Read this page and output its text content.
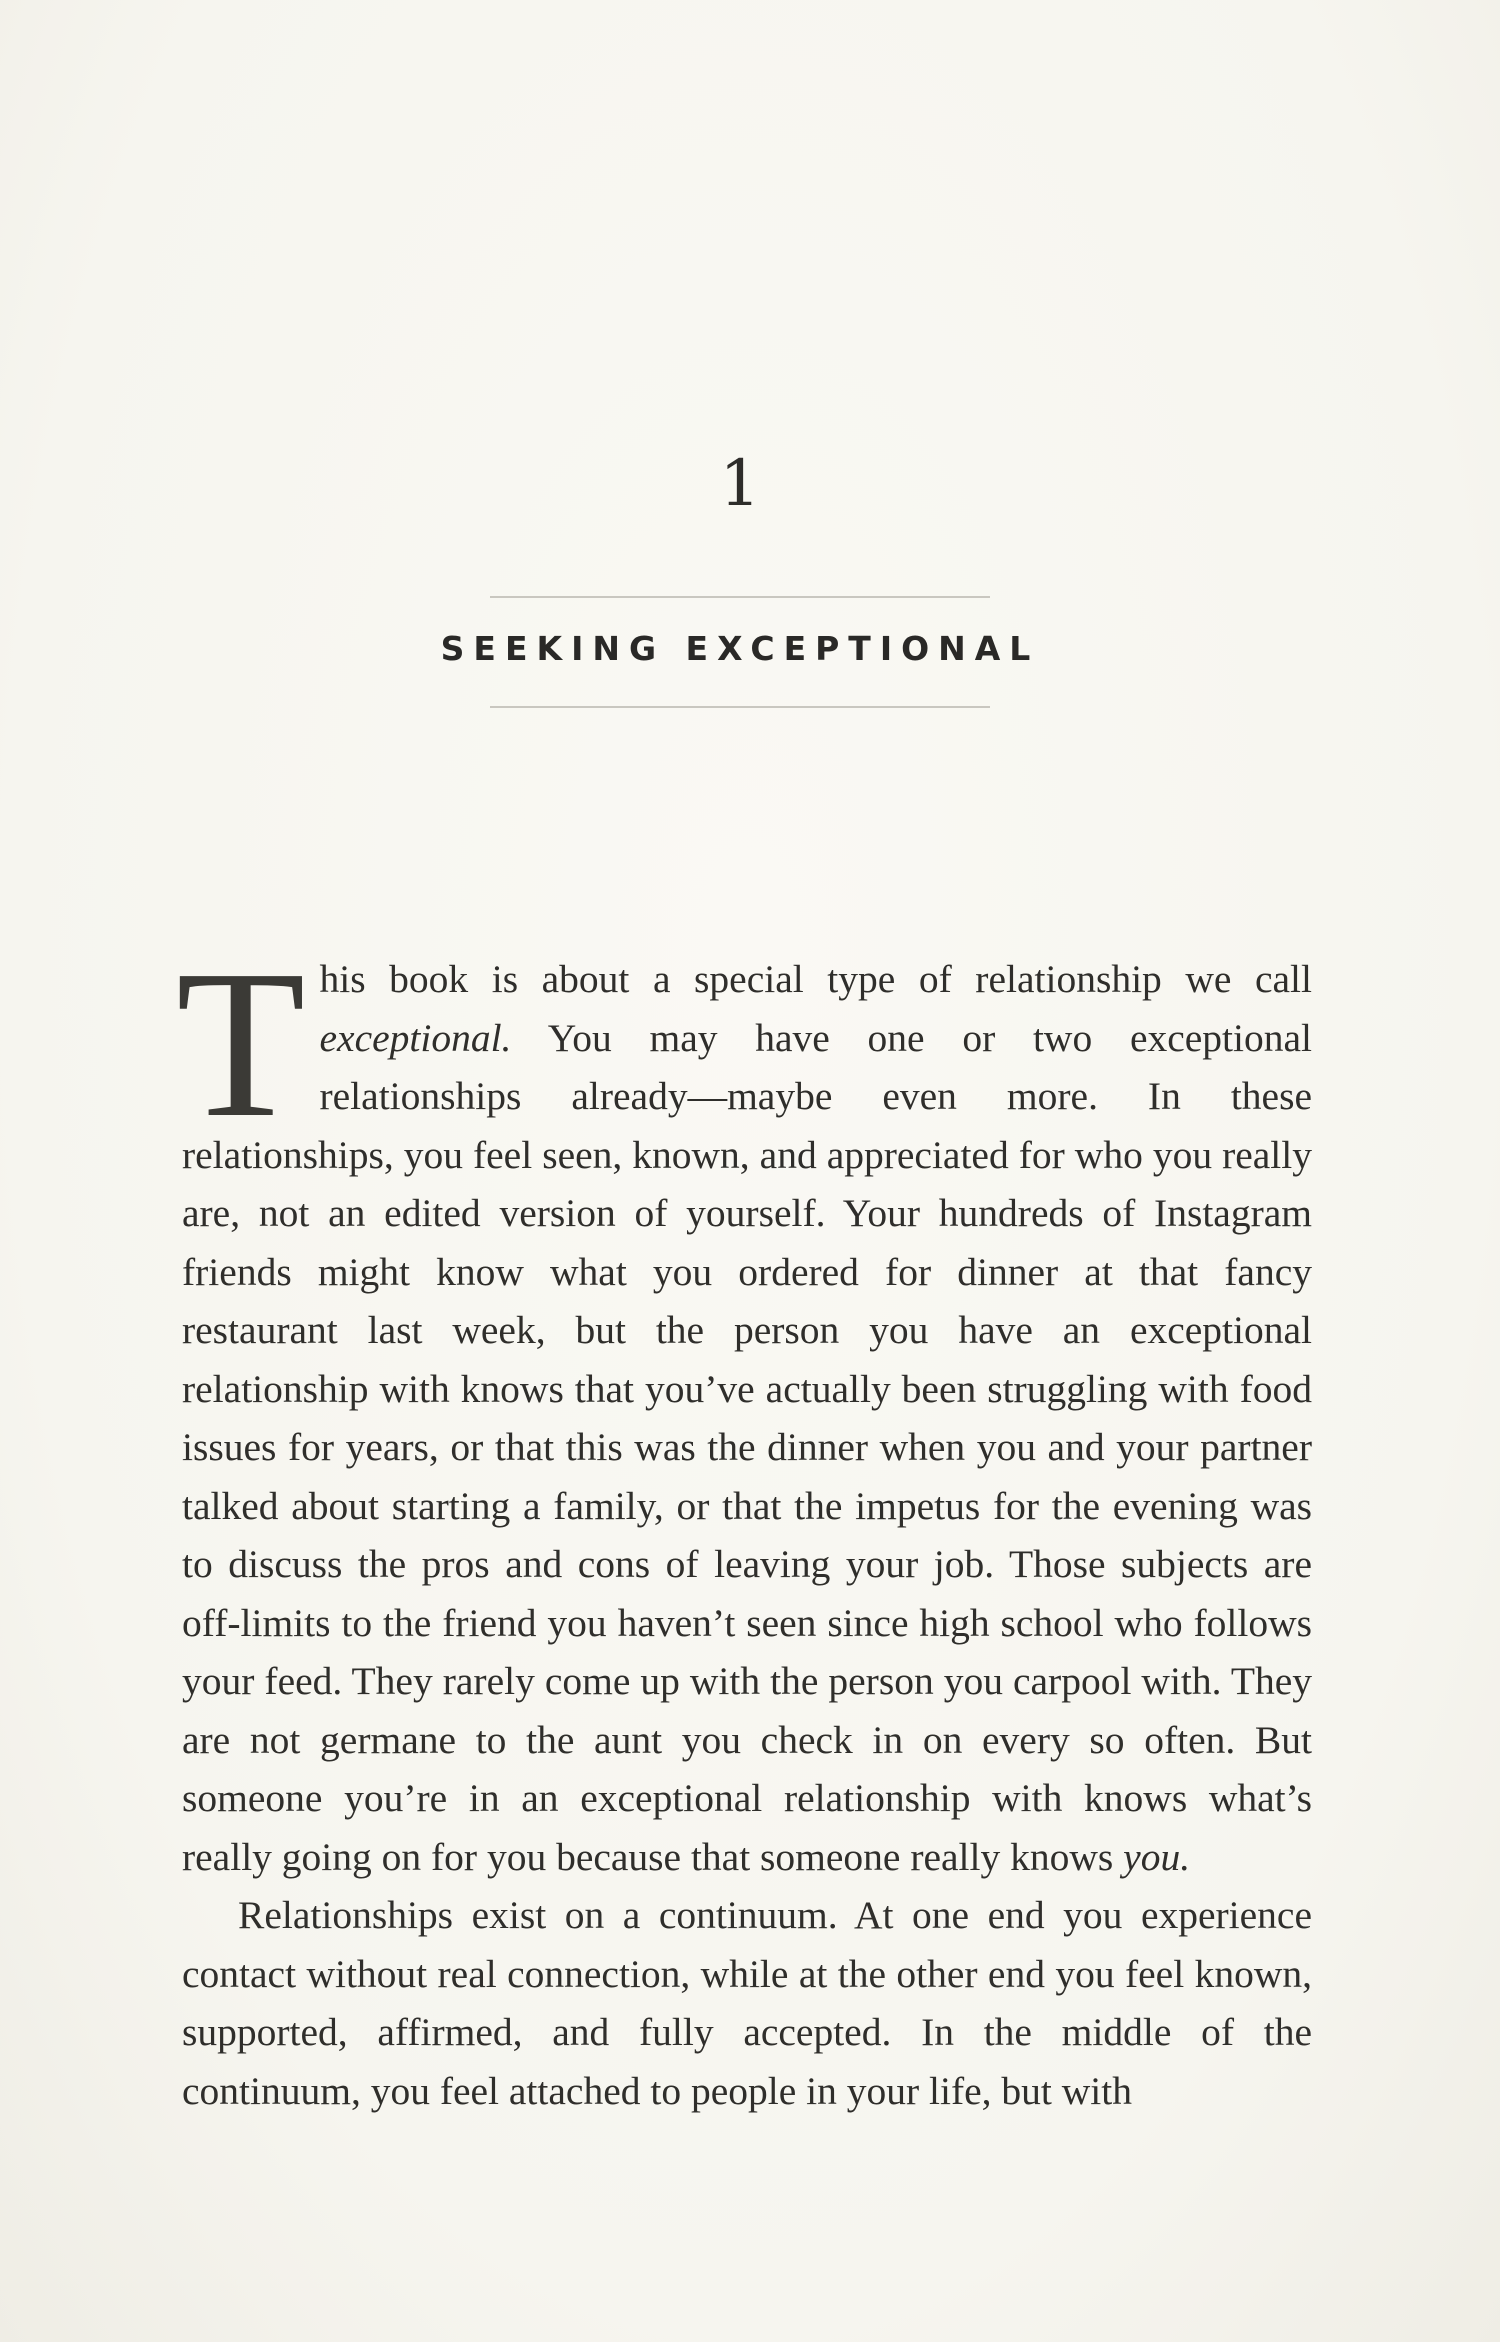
1
SEEKING EXCEPTIONAL

This book is about a special type of relationship we call exceptional. You may have one or two exceptional relationships already—maybe even more. In these relationships, you feel seen, known, and appreciated for who you really are, not an edited version of yourself. Your hundreds of Instagram friends might know what you ordered for dinner at that fancy restaurant last week, but the person you have an exceptional relationship with knows that you’ve actually been struggling with food issues for years, or that this was the dinner when you and your partner talked about starting a family, or that the impetus for the evening was to discuss the pros and cons of leaving your job. Those subjects are off-limits to the friend you haven’t seen since high school who follows your feed. They rarely come up with the person you carpool with. They are not germane to the aunt you check in on every so often. But someone you’re in an exceptional relationship with knows what’s really going on for you because that someone really knows you.

Relationships exist on a continuum. At one end you experience contact without real connection, while at the other end you feel known, supported, affirmed, and fully accepted. In the middle of the continuum, you feel attached to people in your life, but with
